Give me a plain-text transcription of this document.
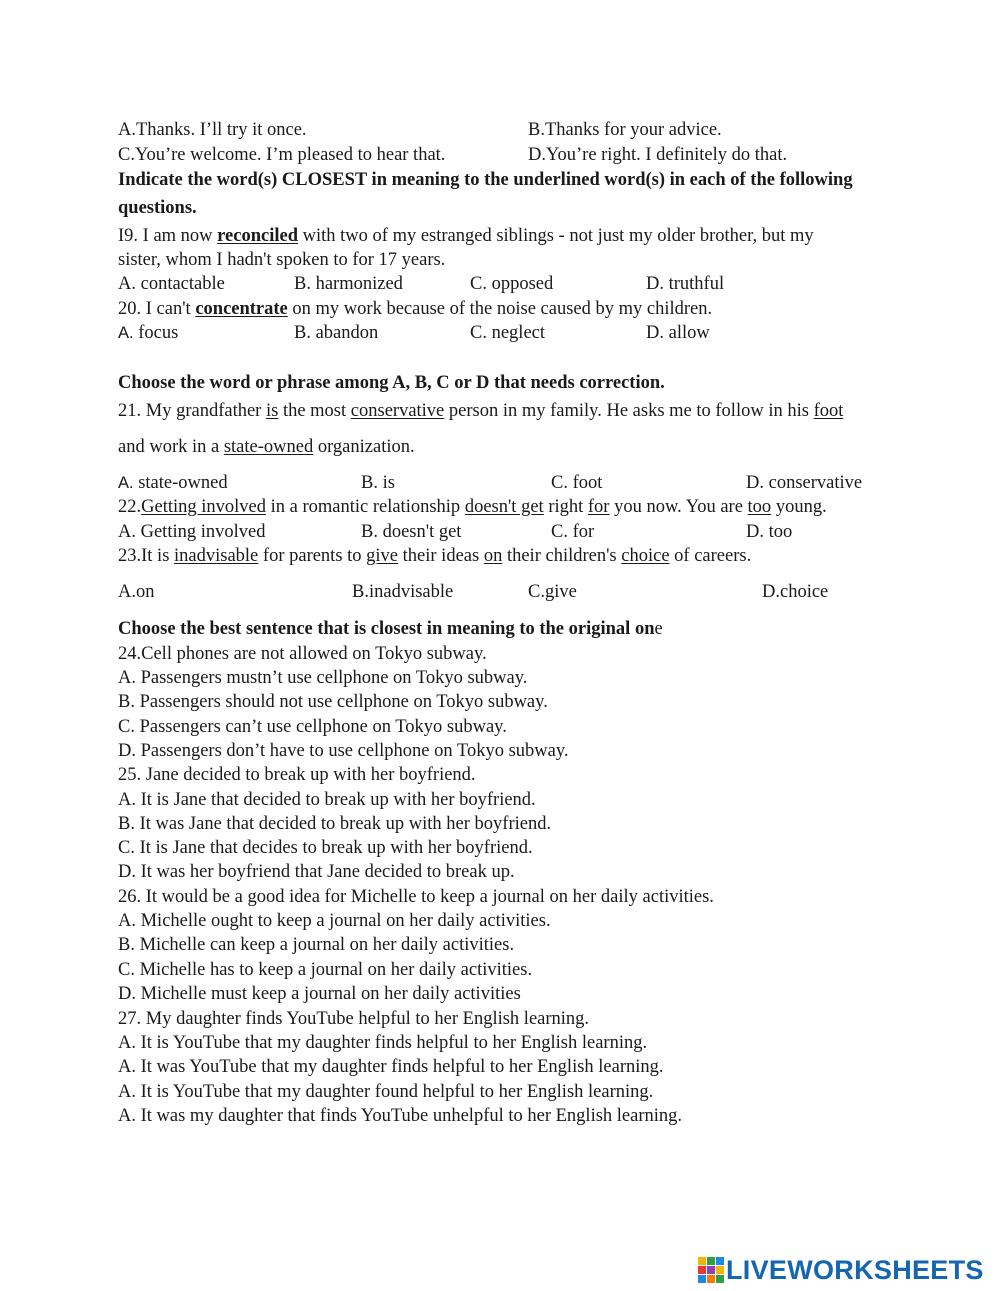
A.Thanks. I’ll try it once.	B.Thanks for your advice.
C.You’re welcome. I’m pleased to hear that.	D.You’re right. I definitely do that.
Indicate the word(s) CLOSEST in meaning to the underlined word(s) in each of the following
questions.
I9. I am now reconciled with two of my estranged siblings - not just my older brother, but my
sister, whom I hadn't spoken to for 17 years.
A. contactable	B. harmonized	C. opposed	D. truthful
20. I can't concentrate on my work because of the noise caused by my children.
A. focus	B. abandon	C. neglect	D. allow
Choose the word or phrase among A, B, C or D that needs correction.
21. My grandfather is the most conservative person in my family. He asks me to follow in his foot
and work in a state-owned organization.
A. state-owned	B. is	C. foot	D. conservative
22.Getting involved in a romantic relationship doesn't get right for you now. You are too young.
A. Getting involved	B. doesn't get	C. for	D. too
23.It is inadvisable for parents to give their ideas on their children's choice of careers.
A.on	B.inadvisable	C.give	D.choice
Choose the best sentence that is closest in meaning to the original one
24.Cell phones are not allowed on Tokyo subway.
A. Passengers mustn’t use cellphone on Tokyo subway.
B. Passengers should not use cellphone on Tokyo subway.
C. Passengers can’t use cellphone on Tokyo subway.
D. Passengers don’t have to use cellphone on Tokyo subway.
25. Jane decided to break up with her boyfriend.
A. It is Jane that decided to break up with her boyfriend.
B. It was Jane that decided to break up with her boyfriend.
C. It is Jane that decides to break up with her boyfriend.
D. It was her boyfriend that Jane decided to break up.
26. It would be a good idea for Michelle to keep a journal on her daily activities.
A. Michelle ought to keep a journal on her daily activities.
B. Michelle can keep a journal on her daily activities.
C. Michelle has to keep a journal on her daily activities.
D. Michelle must keep a journal on her daily activities
27. My daughter finds YouTube helpful to her English learning.
A. It is YouTube that my daughter finds helpful to her English learning.
A. It was YouTube that my daughter finds helpful to her English learning.
A. It is YouTube that my daughter found helpful to her English learning.
A. It was my daughter that finds YouTube unhelpful to her English learning.
LIVEWORKSHEETS
